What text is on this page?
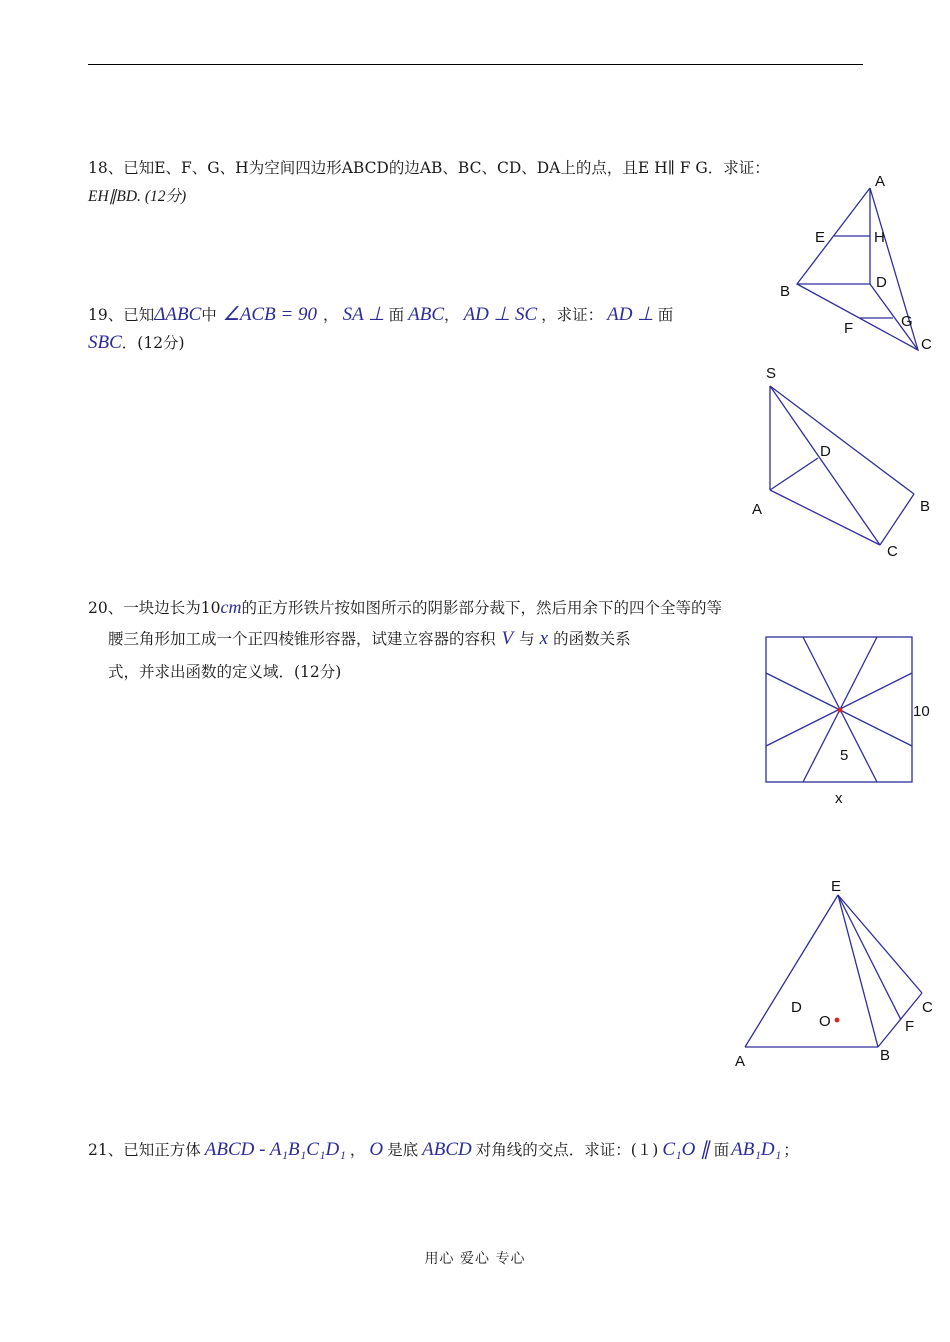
18、已知E、F、G、H为空间四边形ABCD的边AB、BC、CD、DA上的点，且E H∥ F G．求证：
EH∥BD. (12分)
19、已知ΔABC中 ∠ACB = 90 ， SA ⊥ 面 ABC， AD ⊥ SC ，求证： AD ⊥ 面
SBC．(12分)
20、一块边长为10cm的正方形铁片按如图所示的阴影部分裁下，然后用余下的四个全等的等
腰三角形加工成一个正四棱锥形容器，试建立容器的容积 V 与 x 的函数关系
式，并求出函数的定义域．(12分)
21、已知正方体 ABCD - A₁B₁C₁D₁ ， O 是底 ABCD 对角线的交点．求证：(１) C₁O ∥ 面 AB₁D₁ ；
A
E	H
B
D
F	G
C
S
D
A	B
C
10
5
x
E
D
O
C
F
A	B
用心 爱心 专心
